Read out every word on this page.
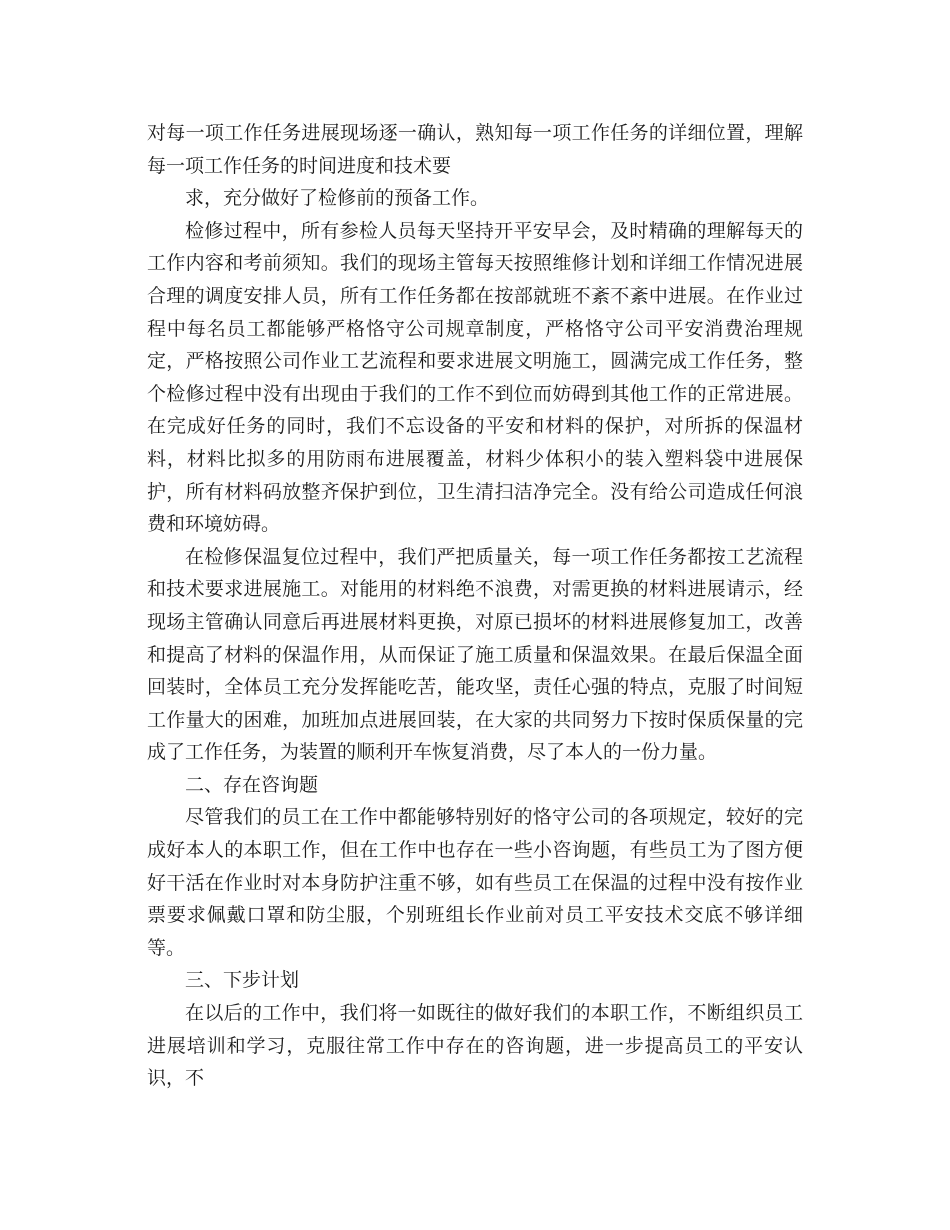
对每一项工作任务进展现场逐一确认，熟知每一项工作任务的详细位置，理解每一项工作任务的时间进度和技术要

求，充分做好了检修前的预备工作。

检修过程中，所有参检人员每天坚持开平安早会，及时精确的理解每天的工作内容和考前须知。我们的现场主管每天按照维修计划和详细工作情况进展合理的调度安排人员，所有工作任务都在按部就班不紊不紊中进展。在作业过程中每名员工都能够严格恪守公司规章制度，严格恪守公司平安消费治理规定，严格按照公司作业工艺流程和要求进展文明施工，圆满完成工作任务，整个检修过程中没有出现由于我们的工作不到位而妨碍到其他工作的正常进展。在完成好任务的同时，我们不忘设备的平安和材料的保护，对所拆的保温材料，材料比拟多的用防雨布进展覆盖，材料少体积小的装入塑料袋中进展保护，所有材料码放整齐保护到位，卫生清扫洁净完全。没有给公司造成任何浪费和环境妨碍。

在检修保温复位过程中，我们严把质量关，每一项工作任务都按工艺流程和技术要求进展施工。对能用的材料绝不浪费，对需更换的材料进展请示，经现场主管确认同意后再进展材料更换，对原已损坏的材料进展修复加工，改善和提高了材料的保温作用，从而保证了施工质量和保温效果。在最后保温全面回装时，全体员工充分发挥能吃苦，能攻坚，责任心强的特点，克服了时间短工作量大的困难，加班加点进展回装，在大家的共同努力下按时保质保量的完成了工作任务，为装置的顺利开车恢复消费，尽了本人的一份力量。

二、存在咨询题

尽管我们的员工在工作中都能够特别好的恪守公司的各项规定，较好的完成好本人的本职工作，但在工作中也存在一些小咨询题，有些员工为了图方便好干活在作业时对本身防护注重不够，如有些员工在保温的过程中没有按作业票要求佩戴口罩和防尘服，个别班组长作业前对员工平安技术交底不够详细等。

三、下步计划

在以后的工作中，我们将一如既往的做好我们的本职工作，不断组织员工进展培训和学习，克服往常工作中存在的咨询题，进一步提高员工的平安认识，不
